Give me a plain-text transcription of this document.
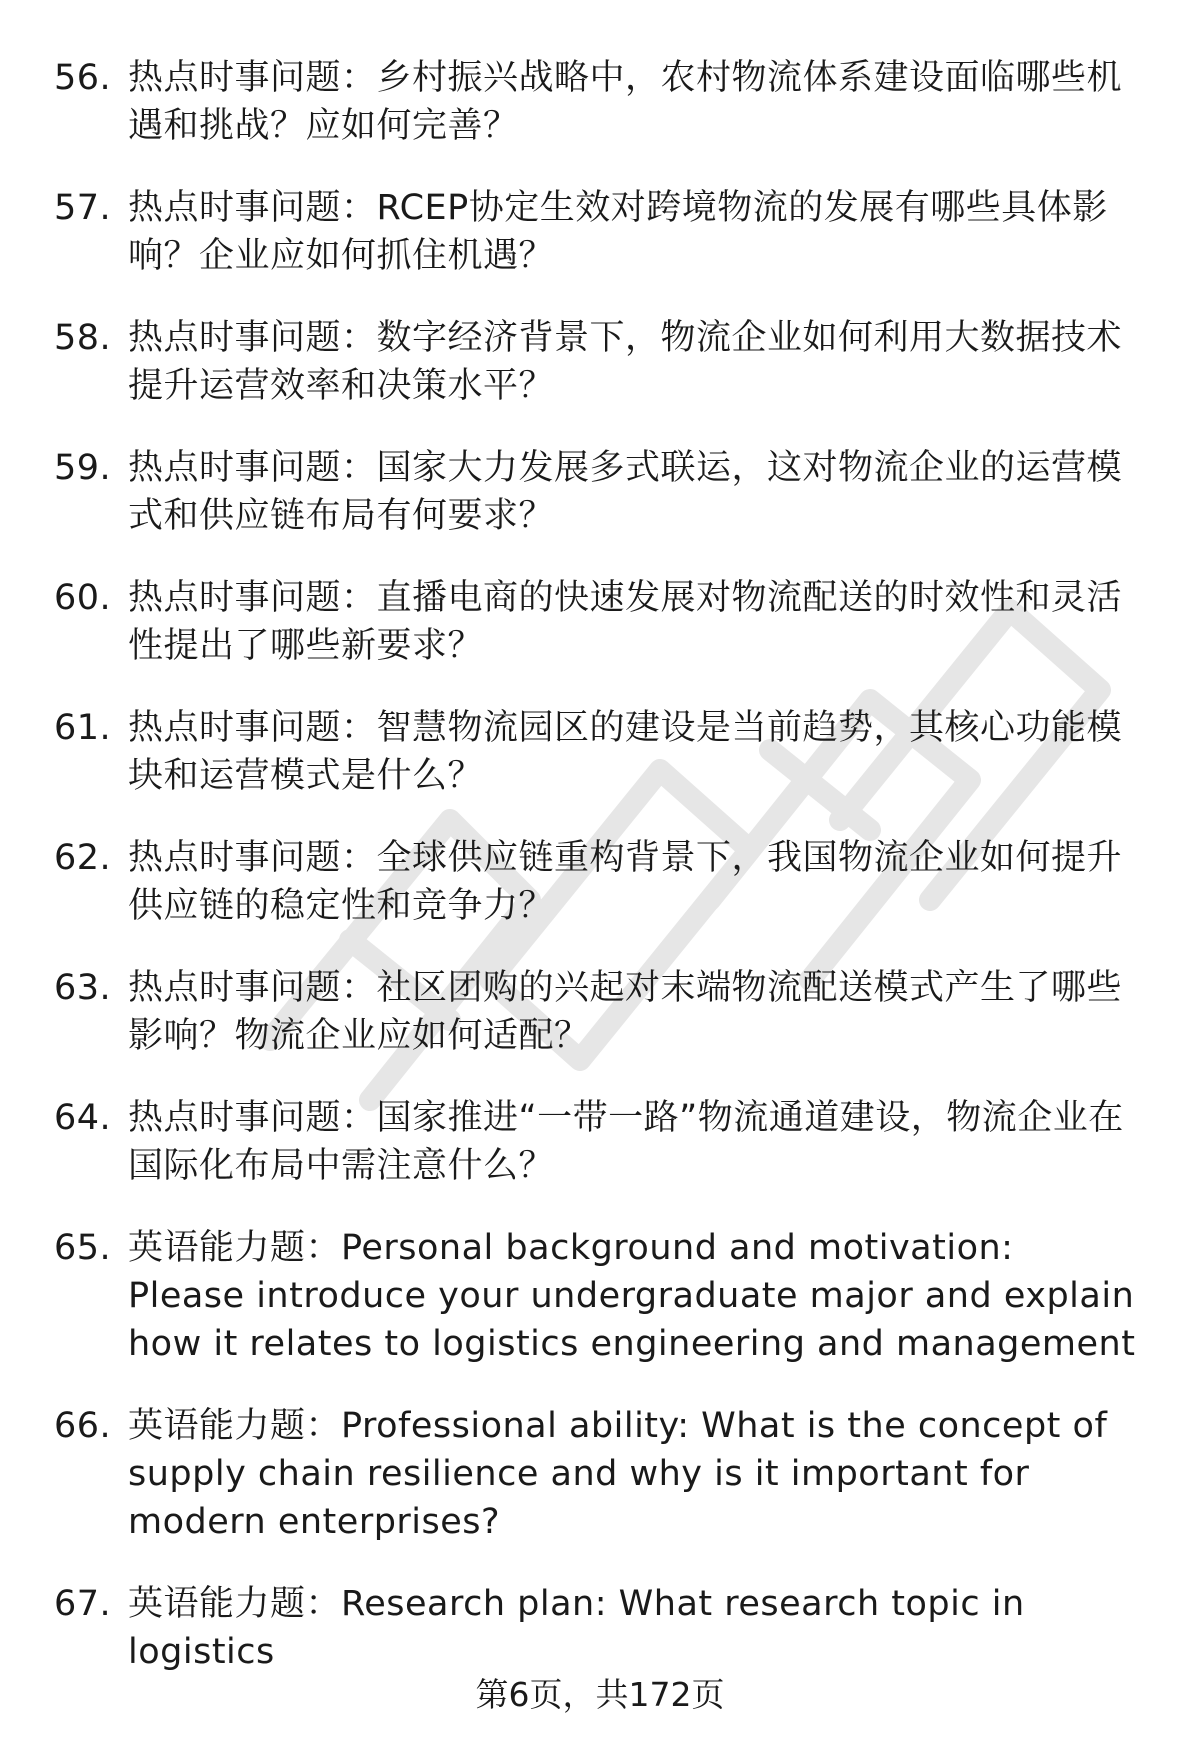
56. 热点时事问题：乡村振兴战略中，农村物流体系建设面临哪些机遇和挑战？应如何完善？
57. 热点时事问题：RCEP协定生效对跨境物流的发展有哪些具体影响？企业应如何抓住机遇？
58. 热点时事问题：数字经济背景下，物流企业如何利用大数据技术提升运营效率和决策水平？
59. 热点时事问题：国家大力发展多式联运，这对物流企业的运营模式和供应链布局有何要求？
60. 热点时事问题：直播电商的快速发展对物流配送的时效性和灵活性提出了哪些新要求？
61. 热点时事问题：智慧物流园区的建设是当前趋势，其核心功能模块和运营模式是什么？
62. 热点时事问题：全球供应链重构背景下，我国物流企业如何提升供应链的稳定性和竞争力？
63. 热点时事问题：社区团购的兴起对末端物流配送模式产生了哪些影响？物流企业应如何适配？
64. 热点时事问题：国家推进“一带一路”物流通道建设，物流企业在国际化布局中需注意什么？
65. 英语能力题：Personal background and motivation: Please introduce your undergraduate major and explain how it relates to logistics engineering and management
66. 英语能力题：Professional ability: What is the concept of supply chain resilience and why is it important for modern enterprises?
67. 英语能力题：Research plan: What research topic in logistics
第6页，共172页
